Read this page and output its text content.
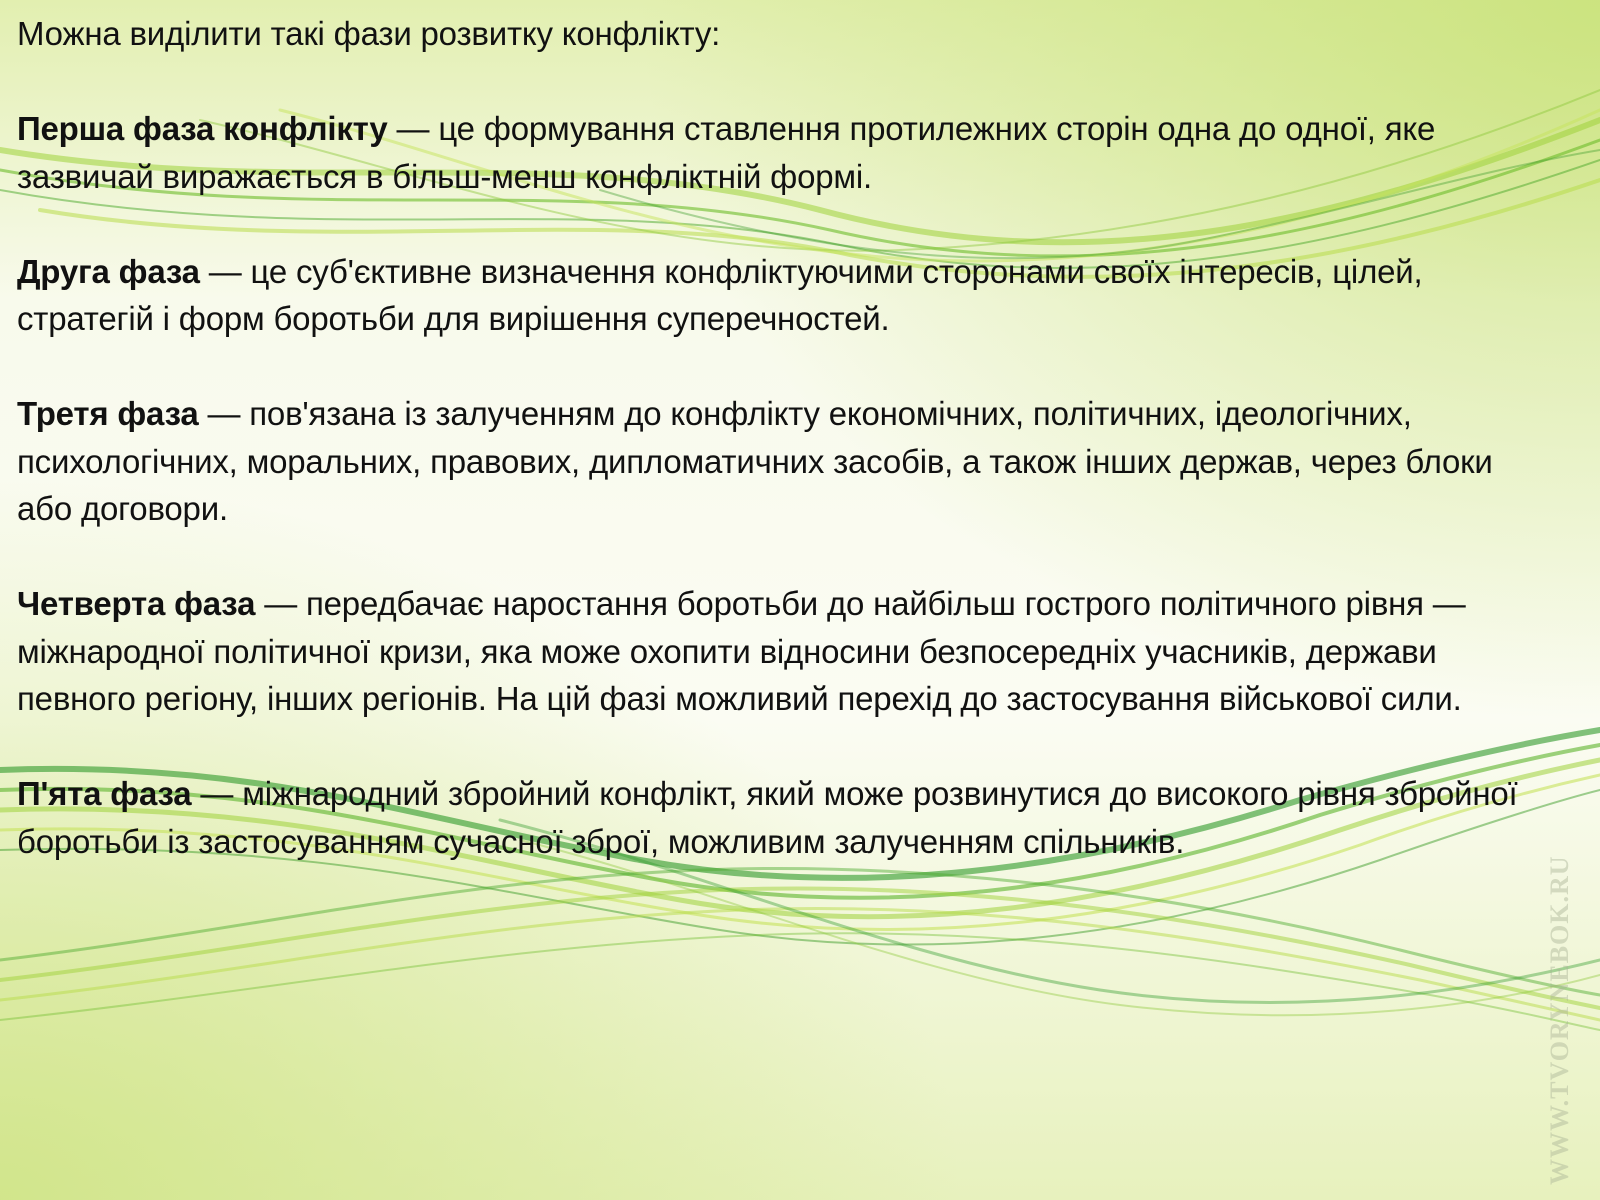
Можна виділити такі фази розвитку конфлікту:

Перша фаза конфлікту — це формування ставлення протилежних сторін одна до одної, яке зазвичай виражається в більш-менш конфліктній формі.

Друга фаза — це суб'єктивне визначення конфліктуючими сторонами своїх інтересів, цілей, стратегій і форм боротьби для вирішення суперечностей.

Третя фаза — пов'язана із залученням до конфлікту економічних, політичних, ідеологічних, психологічних, моральних, правових, дипломатичних засобів, а також інших держав, через блоки або договори.

Четверта фаза — передбачає наростання боротьби до найбільш гострого політичного рівня — міжнародної політичної кризи, яка може охопити відносини безпосередніх учасників, держави певного регіону, інших регіонів. На цій фазі можливий перехід до застосування військової сили.

П'ята фаза — міжнародний збройний конфлікт, який може розвинутися до високого рівня збройної боротьби із застосуванням сучасної зброї, можливим залученням спільників.

WWW.TVORYNEBOK.RU
